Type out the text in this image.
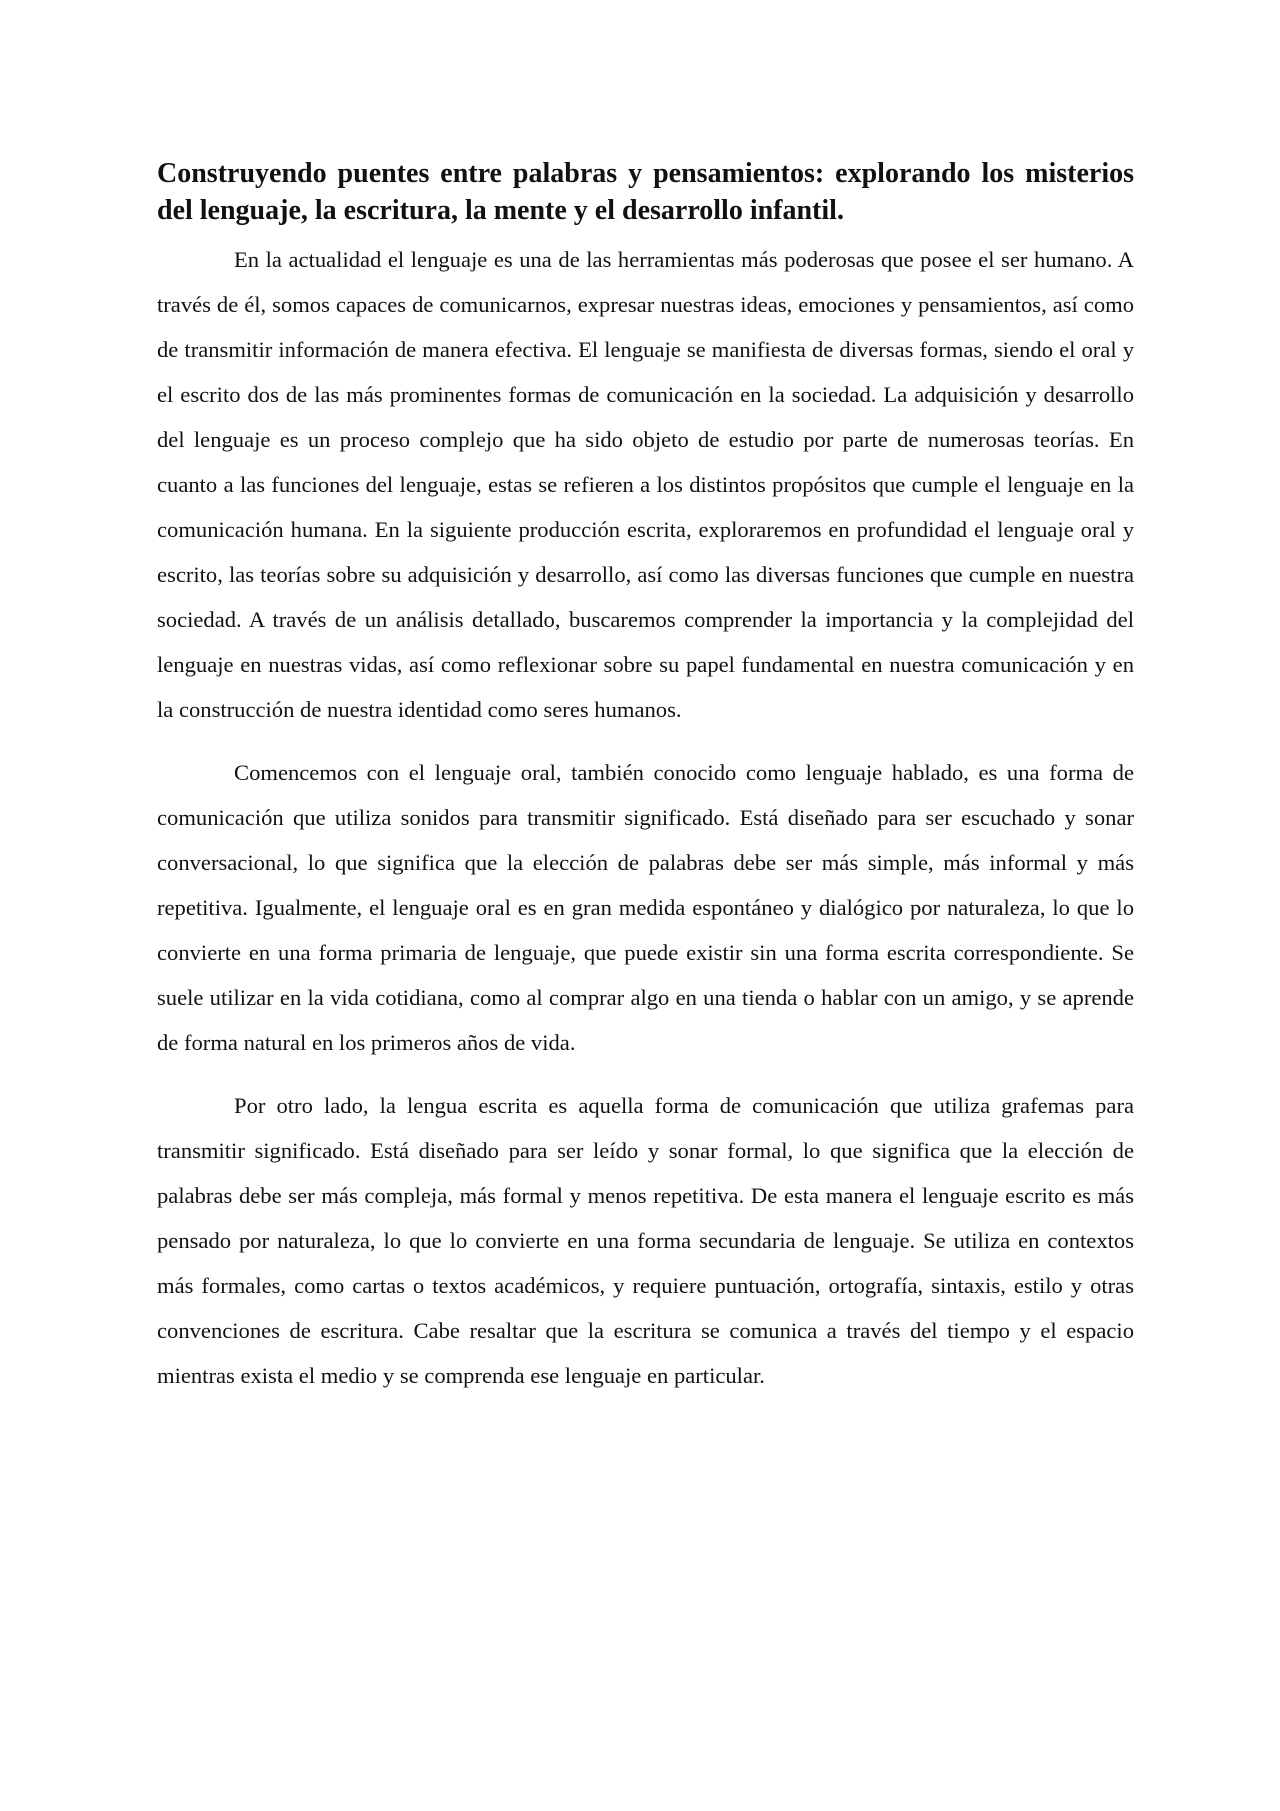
Construyendo puentes entre palabras y pensamientos: explorando los misterios del lenguaje, la escritura, la mente y el desarrollo infantil.

En la actualidad el lenguaje es una de las herramientas más poderosas que posee el ser humano. A través de él, somos capaces de comunicarnos, expresar nuestras ideas, emociones y pensamientos, así como de transmitir información de manera efectiva. El lenguaje se manifiesta de diversas formas, siendo el oral y el escrito dos de las más prominentes formas de comunicación en la sociedad. La adquisición y desarrollo del lenguaje es un proceso complejo que ha sido objeto de estudio por parte de numerosas teorías. En cuanto a las funciones del lenguaje, estas se refieren a los distintos propósitos que cumple el lenguaje en la comunicación humana. En la siguiente producción escrita, exploraremos en profundidad el lenguaje oral y escrito, las teorías sobre su adquisición y desarrollo, así como las diversas funciones que cumple en nuestra sociedad. A través de un análisis detallado, buscaremos comprender la importancia y la complejidad del lenguaje en nuestras vidas, así como reflexionar sobre su papel fundamental en nuestra comunicación y en la construcción de nuestra identidad como seres humanos.

Comencemos con el lenguaje oral, también conocido como lenguaje hablado, es una forma de comunicación que utiliza sonidos para transmitir significado. Está diseñado para ser escuchado y sonar conversacional, lo que significa que la elección de palabras debe ser más simple, más informal y más repetitiva. Igualmente, el lenguaje oral es en gran medida espontáneo y dialógico por naturaleza, lo que lo convierte en una forma primaria de lenguaje, que puede existir sin una forma escrita correspondiente. Se suele utilizar en la vida cotidiana, como al comprar algo en una tienda o hablar con un amigo, y se aprende de forma natural en los primeros años de vida.

Por otro lado, la lengua escrita es aquella forma de comunicación que utiliza grafemas para transmitir significado. Está diseñado para ser leído y sonar formal, lo que significa que la elección de palabras debe ser más compleja, más formal y menos repetitiva. De esta manera el lenguaje escrito es más pensado por naturaleza, lo que lo convierte en una forma secundaria de lenguaje. Se utiliza en contextos más formales, como cartas o textos académicos, y requiere puntuación, ortografía, sintaxis, estilo y otras convenciones de escritura. Cabe resaltar que la escritura se comunica a través del tiempo y el espacio mientras exista el medio y se comprenda ese lenguaje en particular.
